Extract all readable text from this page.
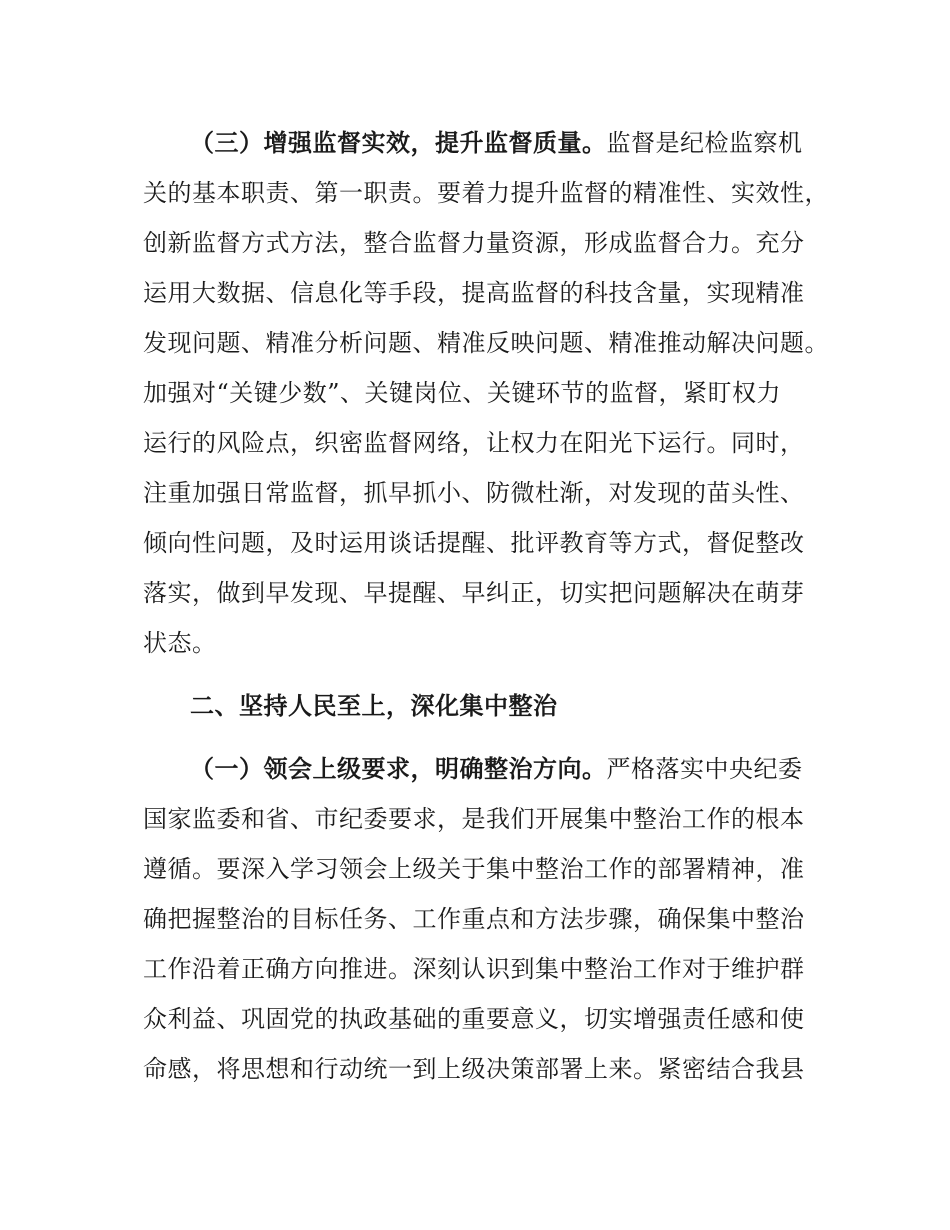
（三）增强监督实效，提升监督质量。监督是纪检监察机
关的基本职责、第一职责。要着力提升监督的精准性、实效性，
创新监督方式方法，整合监督力量资源，形成监督合力。充分
运用大数据、信息化等手段，提高监督的科技含量，实现精准
发现问题、精准分析问题、精准反映问题、精准推动解决问题。
加强对“关键少数”、关键岗位、关键环节的监督，紧盯权力
运行的风险点，织密监督网络，让权力在阳光下运行。同时，
注重加强日常监督，抓早抓小、防微杜渐，对发现的苗头性、
倾向性问题，及时运用谈话提醒、批评教育等方式，督促整改
落实，做到早发现、早提醒、早纠正，切实把问题解决在萌芽
状态。
二、坚持人民至上，深化集中整治
（一）领会上级要求，明确整治方向。严格落实中央纪委
国家监委和省、市纪委要求，是我们开展集中整治工作的根本
遵循。要深入学习领会上级关于集中整治工作的部署精神，准
确把握整治的目标任务、工作重点和方法步骤，确保集中整治
工作沿着正确方向推进。深刻认识到集中整治工作对于维护群
众利益、巩固党的执政基础的重要意义，切实增强责任感和使
命感，将思想和行动统一到上级决策部署上来。紧密结合我县
